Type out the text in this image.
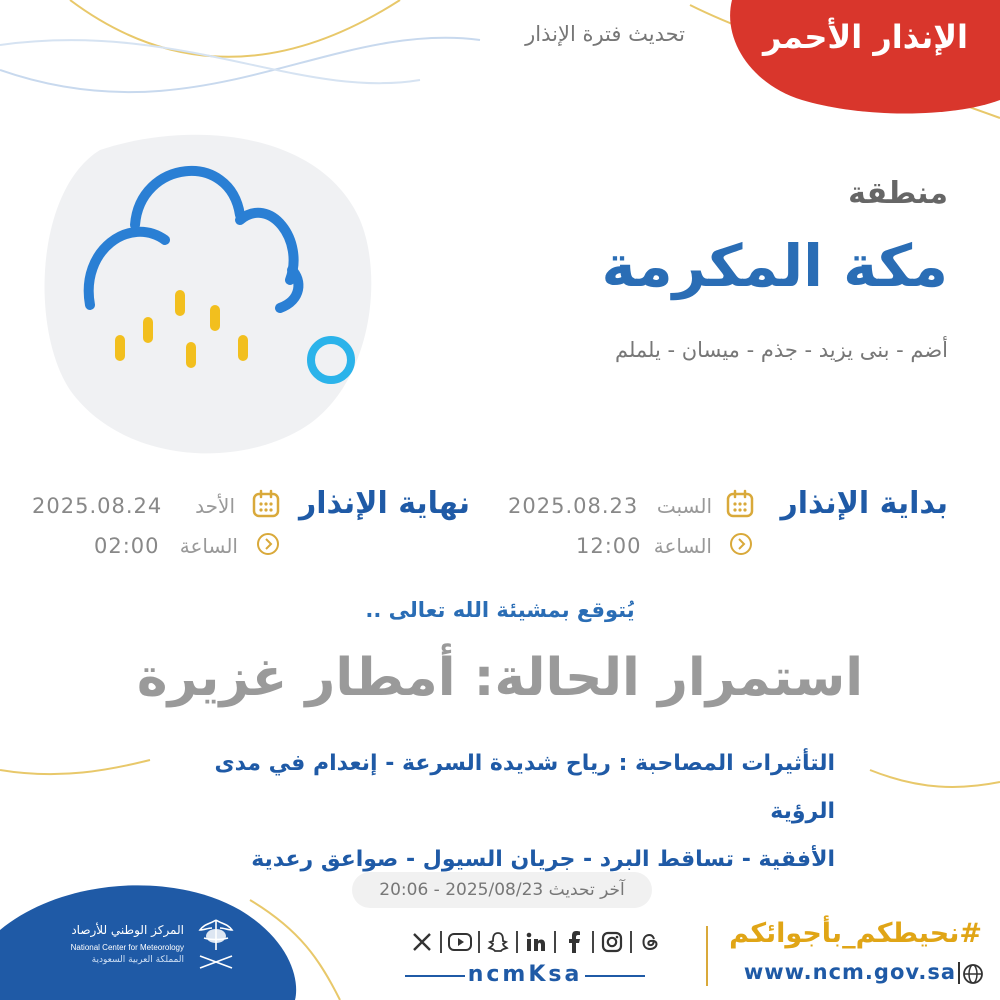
الإنذار الأحمر
تحديث فترة الإنذار
منطقة
مكة المكرمة
أضم - بنى يزيد - جذم - ميسان - يلملم
بداية الإنذار
السبت
2025.08.23
الساعة
12:00
نهاية الإنذار
الأحد
2025.08.24
الساعة
02:00
يُتوقع بمشيئة الله تعالى ..
استمرار الحالة: أمطار غزيرة
التأثيرات المصاحبة : رياح شديدة السرعة - إنعدام في مدى الرؤية
الأفقية - تساقط البرد - جريان السيول - صواعق رعدية
آخر تحديث 2025/08/23 - 20:06
ncmKsa
#نحيطكم_بأجوائكم
www.ncm.gov.sa
المركز الوطني للأرصاد
National Center for Meteorology
المملكة العربية السعودية
